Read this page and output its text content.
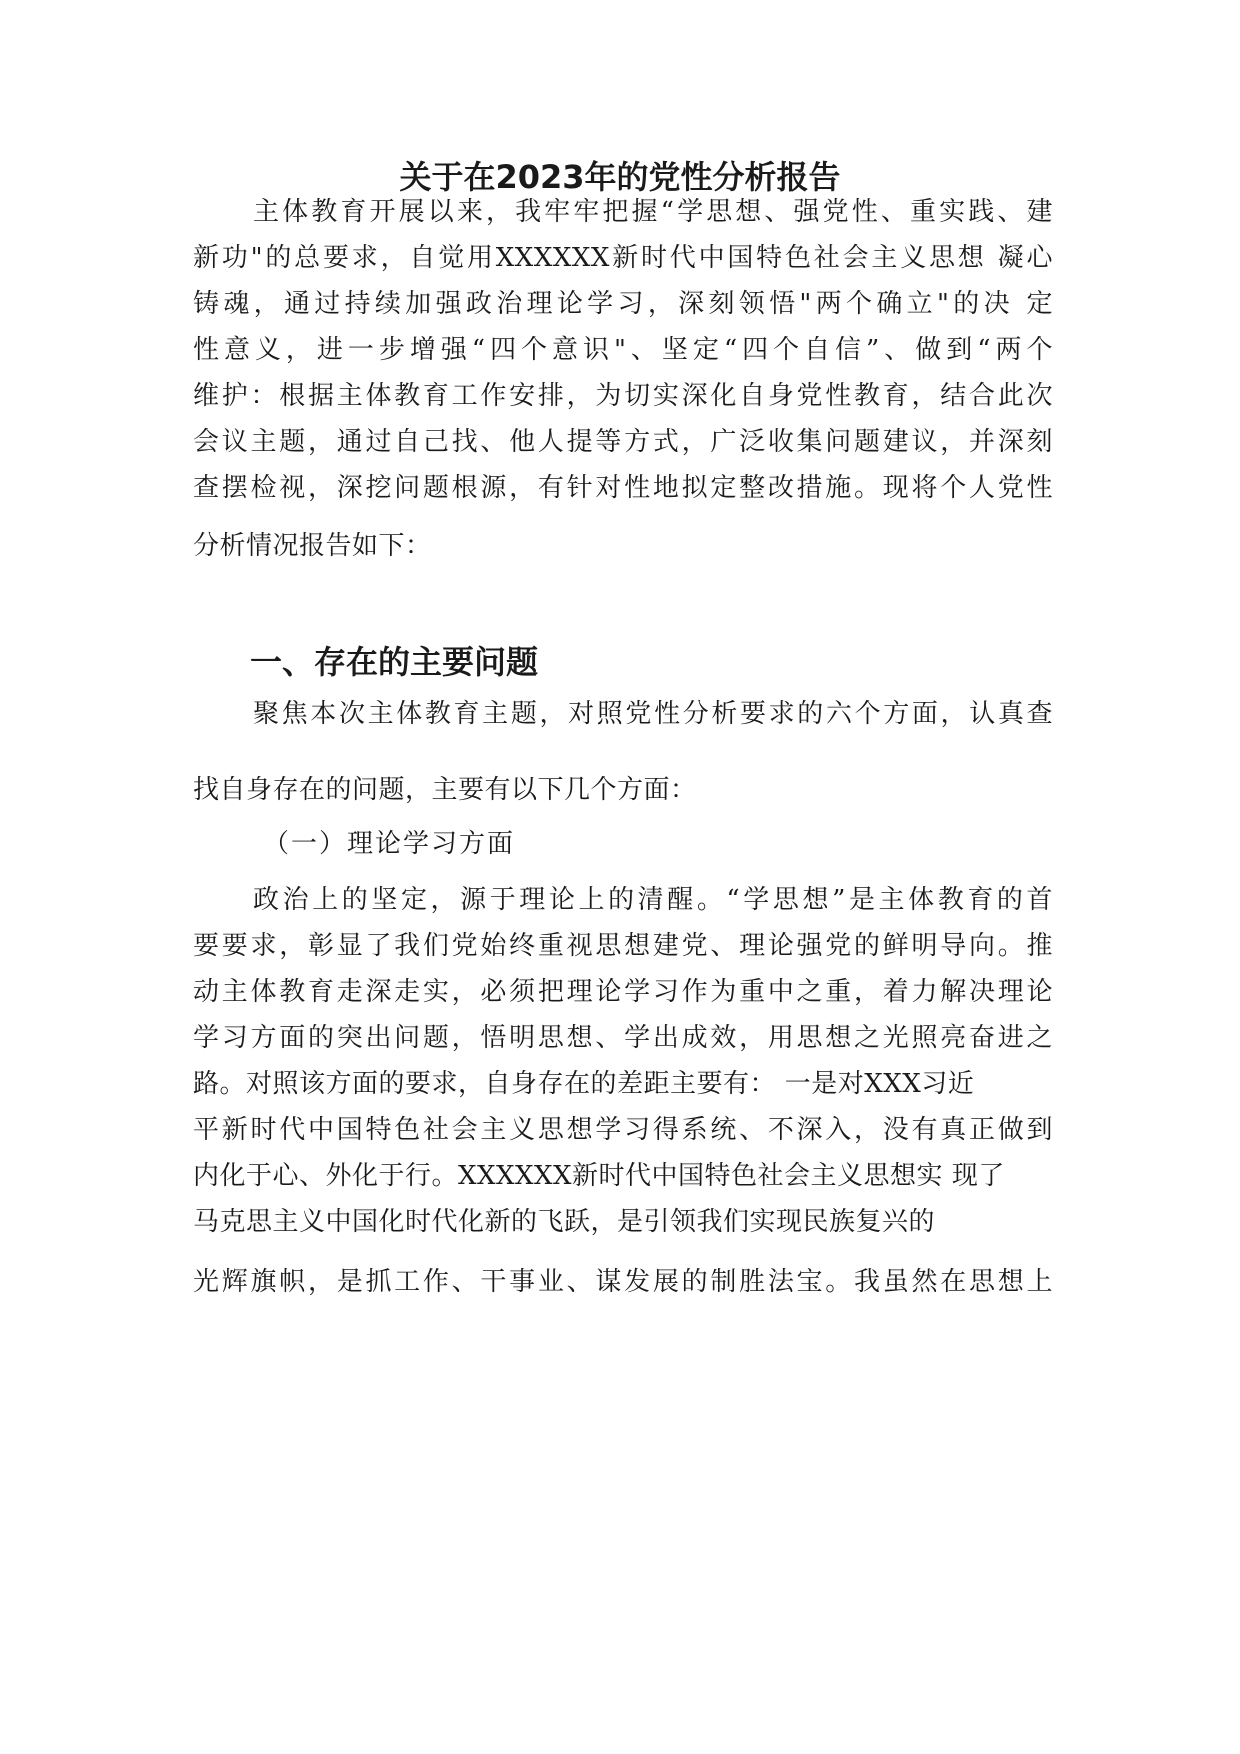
关于在2023年的党性分析报告
主体教育开展以来，我牢牢把握“学思想、强党性、重实践、建
新功"的总要求，自觉用XXXXXX新时代中国特色社会主义思想 凝心
铸魂，通过持续加强政治理论学习，深刻领悟"两个确立"的决 定
性意义，进一步增强“四个意识"、坚定“四个自信”、做到“两个
维护：根据主体教育工作安排，为切实深化自身党性教育，结合此次
会议主题，通过自己找、他人提等方式，广泛收集问题建议，并深刻
查摆检视，深挖问题根源，有针对性地拟定整改措施。现将个人党性
分析情况报告如下：
一、存在的主要问题
聚焦本次主体教育主题，对照党性分析要求的六个方面，认真查
找自身存在的问题，主要有以下几个方面：
（一）理论学习方面
政治上的坚定，源于理论上的清醒。“学思想”是主体教育的首
要要求，彰显了我们党始终重视思想建党、理论强党的鲜明导向。推
动主体教育走深走实，必须把理论学习作为重中之重，着力解决理论
学习方面的突出问题，悟明思想、学出成效，用思想之光照亮奋进之
路。对照该方面的要求，自身存在的差距主要有： 一是对XXX习近
平新时代中国特色社会主义思想学习得系统、不深入，没有真正做到
内化于心、外化于行。XXXXXX新时代中国特色社会主义思想实 现了
马克思主义中国化时代化新的飞跃，是引领我们实现民族复兴的
光辉旗帜，是抓工作、干事业、谋发展的制胜法宝。我虽然在思想上
